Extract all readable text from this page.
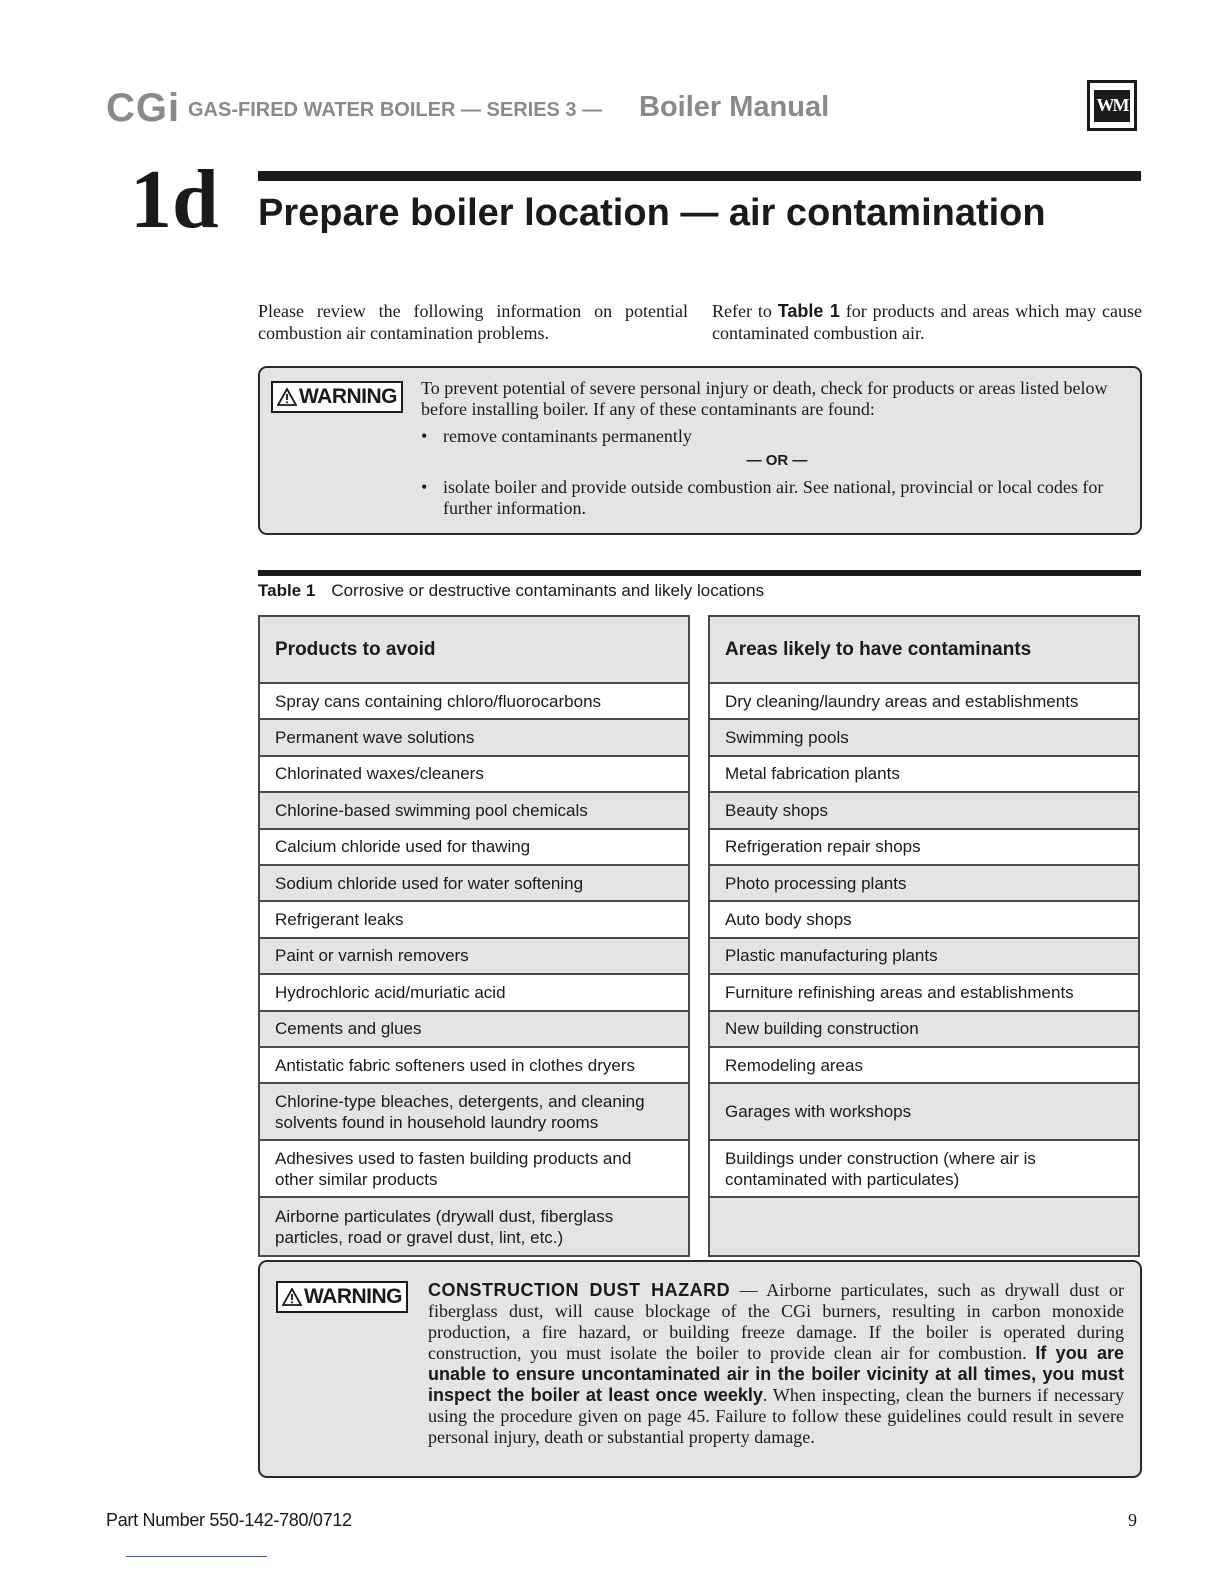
CGi GAS-FIRED WATER BOILER — SERIES 3 — Boiler Manual	WM
1d Prepare boiler location — air contamination
Please review the following information on potential combustion air contamination problems.
Refer to Table 1 for products and areas which may cause contaminated combustion air.
WARNING To prevent potential of severe personal injury or death, check for products or areas listed below before installing boiler. If any of these contaminants are found:
• remove contaminants permanently
— OR —
• isolate boiler and provide outside combustion air. See national, provincial or local codes for further information.
Table 1 Corrosive or destructive contaminants and likely locations
Products to avoid
Spray cans containing chloro/fluorocarbons
Permanent wave solutions
Chlorinated waxes/cleaners
Chlorine-based swimming pool chemicals
Calcium chloride used for thawing
Sodium chloride used for water softening
Refrigerant leaks
Paint or varnish removers
Hydrochloric acid/muriatic acid
Cements and glues
Antistatic fabric softeners used in clothes dryers
Chlorine-type bleaches, detergents, and cleaning solvents found in household laundry rooms
Adhesives used to fasten building products and other similar products
Airborne particulates (drywall dust, fiberglass particles, road or gravel dust, lint, etc.)
Areas likely to have contaminants
Dry cleaning/laundry areas and establishments
Swimming pools
Metal fabrication plants
Beauty shops
Refrigeration repair shops
Photo processing plants
Auto body shops
Plastic manufacturing plants
Furniture refinishing areas and establishments
New building construction
Remodeling areas
Garages with workshops
Buildings under construction (where air is contaminated with particulates)
WARNING CONSTRUCTION DUST HAZARD — Airborne particulates, such as drywall dust or fiberglass dust, will cause blockage of the CGi burners, resulting in carbon monoxide production, a fire hazard, or building freeze damage. If the boiler is operated during construction, you must isolate the boiler to provide clean air for combustion. If you are unable to ensure uncontaminated air in the boiler vicinity at all times, you must inspect the boiler at least once weekly. When inspecting, clean the burners if necessary using the procedure given on page 45. Failure to follow these guidelines could result in severe personal injury, death or substantial property damage.
Part Number 550-142-780/0712	9
